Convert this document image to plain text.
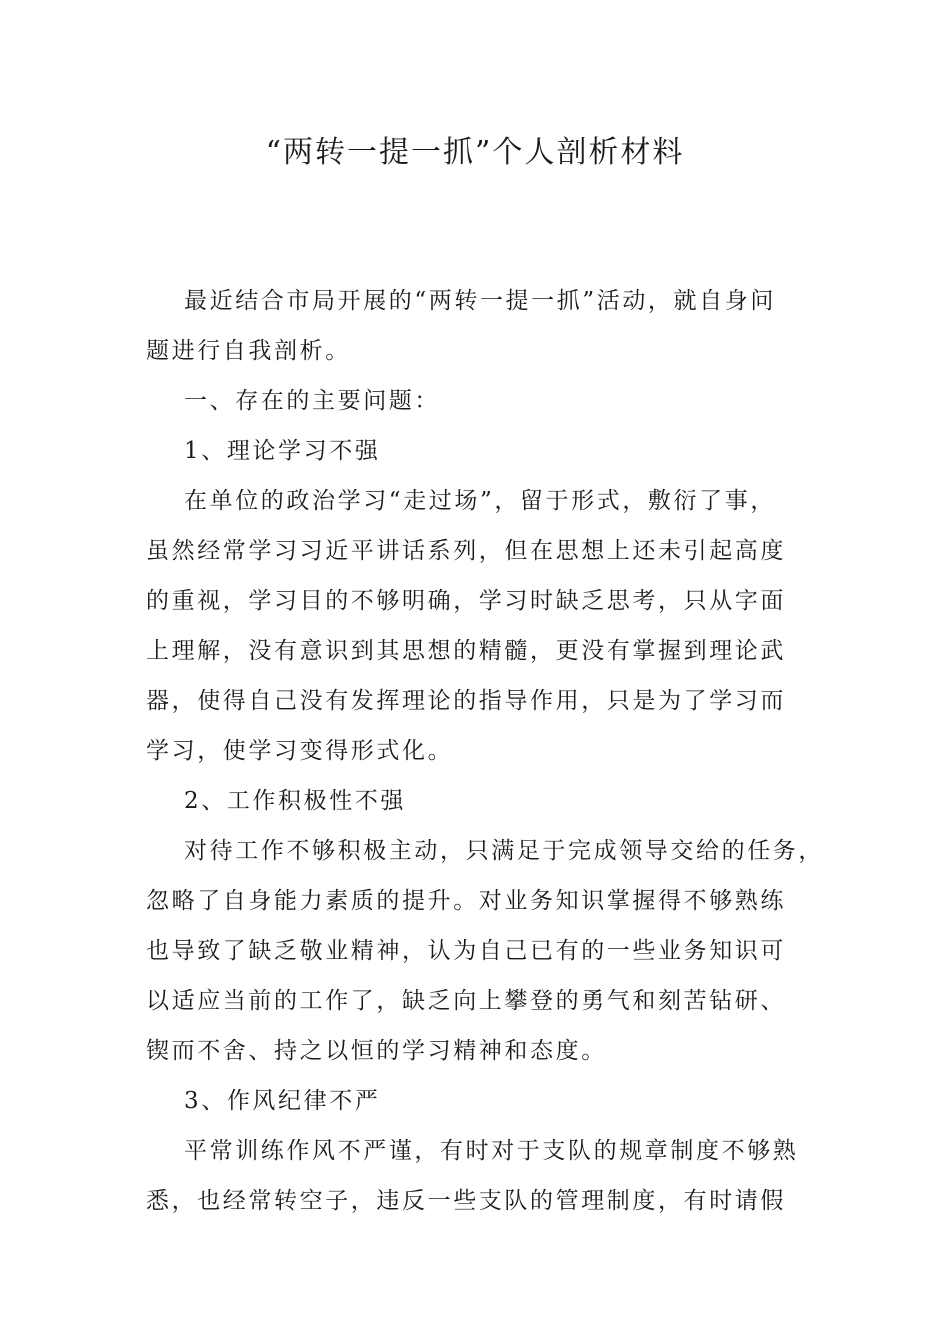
“两转一提一抓”个人剖析材料
最近结合市局开展的“两转一提一抓”活动，就自身问
题进行自我剖析。
一、存在的主要问题：
1、理论学习不强
在单位的政治学习“走过场”，留于形式，敷衍了事，
虽然经常学习习近平讲话系列，但在思想上还未引起高度
的重视，学习目的不够明确，学习时缺乏思考，只从字面
上理解，没有意识到其思想的精髓，更没有掌握到理论武
器，使得自己没有发挥理论的指导作用，只是为了学习而
学习，使学习变得形式化。
2、工作积极性不强
对待工作不够积极主动，只满足于完成领导交给的任务，
忽略了自身能力素质的提升。对业务知识掌握得不够熟练
也导致了缺乏敬业精神，认为自己已有的一些业务知识可
以适应当前的工作了，缺乏向上攀登的勇气和刻苦钻研、
锲而不舍、持之以恒的学习精神和态度。
3、作风纪律不严
平常训练作风不严谨，有时对于支队的规章制度不够熟
悉，也经常转空子，违反一些支队的管理制度，有时请假
